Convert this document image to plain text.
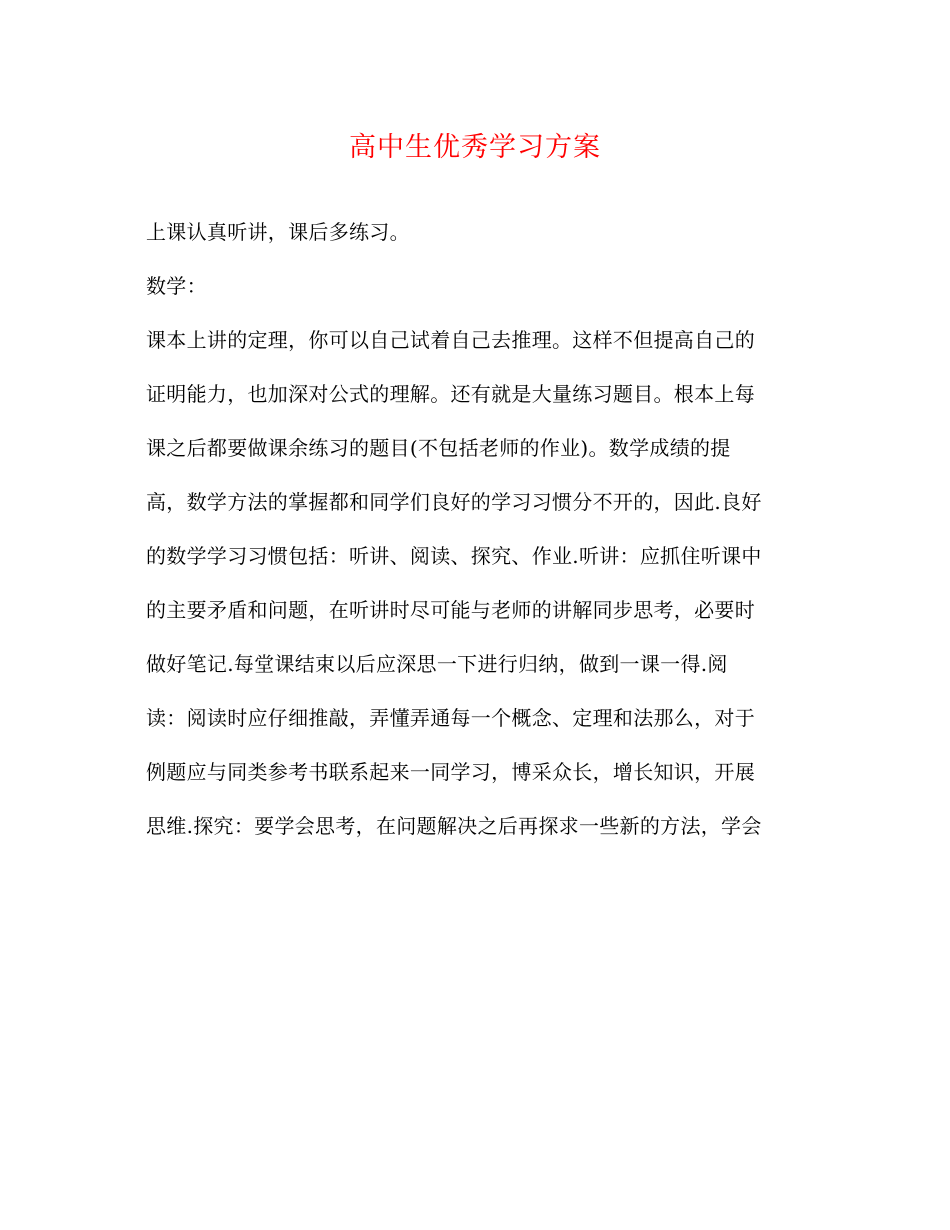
高中生优秀学习方案
上课认真听讲，课后多练习。
数学：
课本上讲的定理，你可以自己试着自己去推理。这样不但提高自己的
证明能力，也加深对公式的理解。还有就是大量练习题目。根本上每
课之后都要做课余练习的题目(不包括老师的作业)。数学成绩的提
高，数学方法的掌握都和同学们良好的学习习惯分不开的，因此.良好
的数学学习习惯包括：听讲、阅读、探究、作业.听讲：应抓住听课中
的主要矛盾和问题，在听讲时尽可能与老师的讲解同步思考，必要时
做好笔记.每堂课结束以后应深思一下进行归纳，做到一课一得.阅
读：阅读时应仔细推敲，弄懂弄通每一个概念、定理和法那么，对于
例题应与同类参考书联系起来一同学习，博采众长，增长知识，开展
思维.探究：要学会思考，在问题解决之后再探求一些新的方法，学会
